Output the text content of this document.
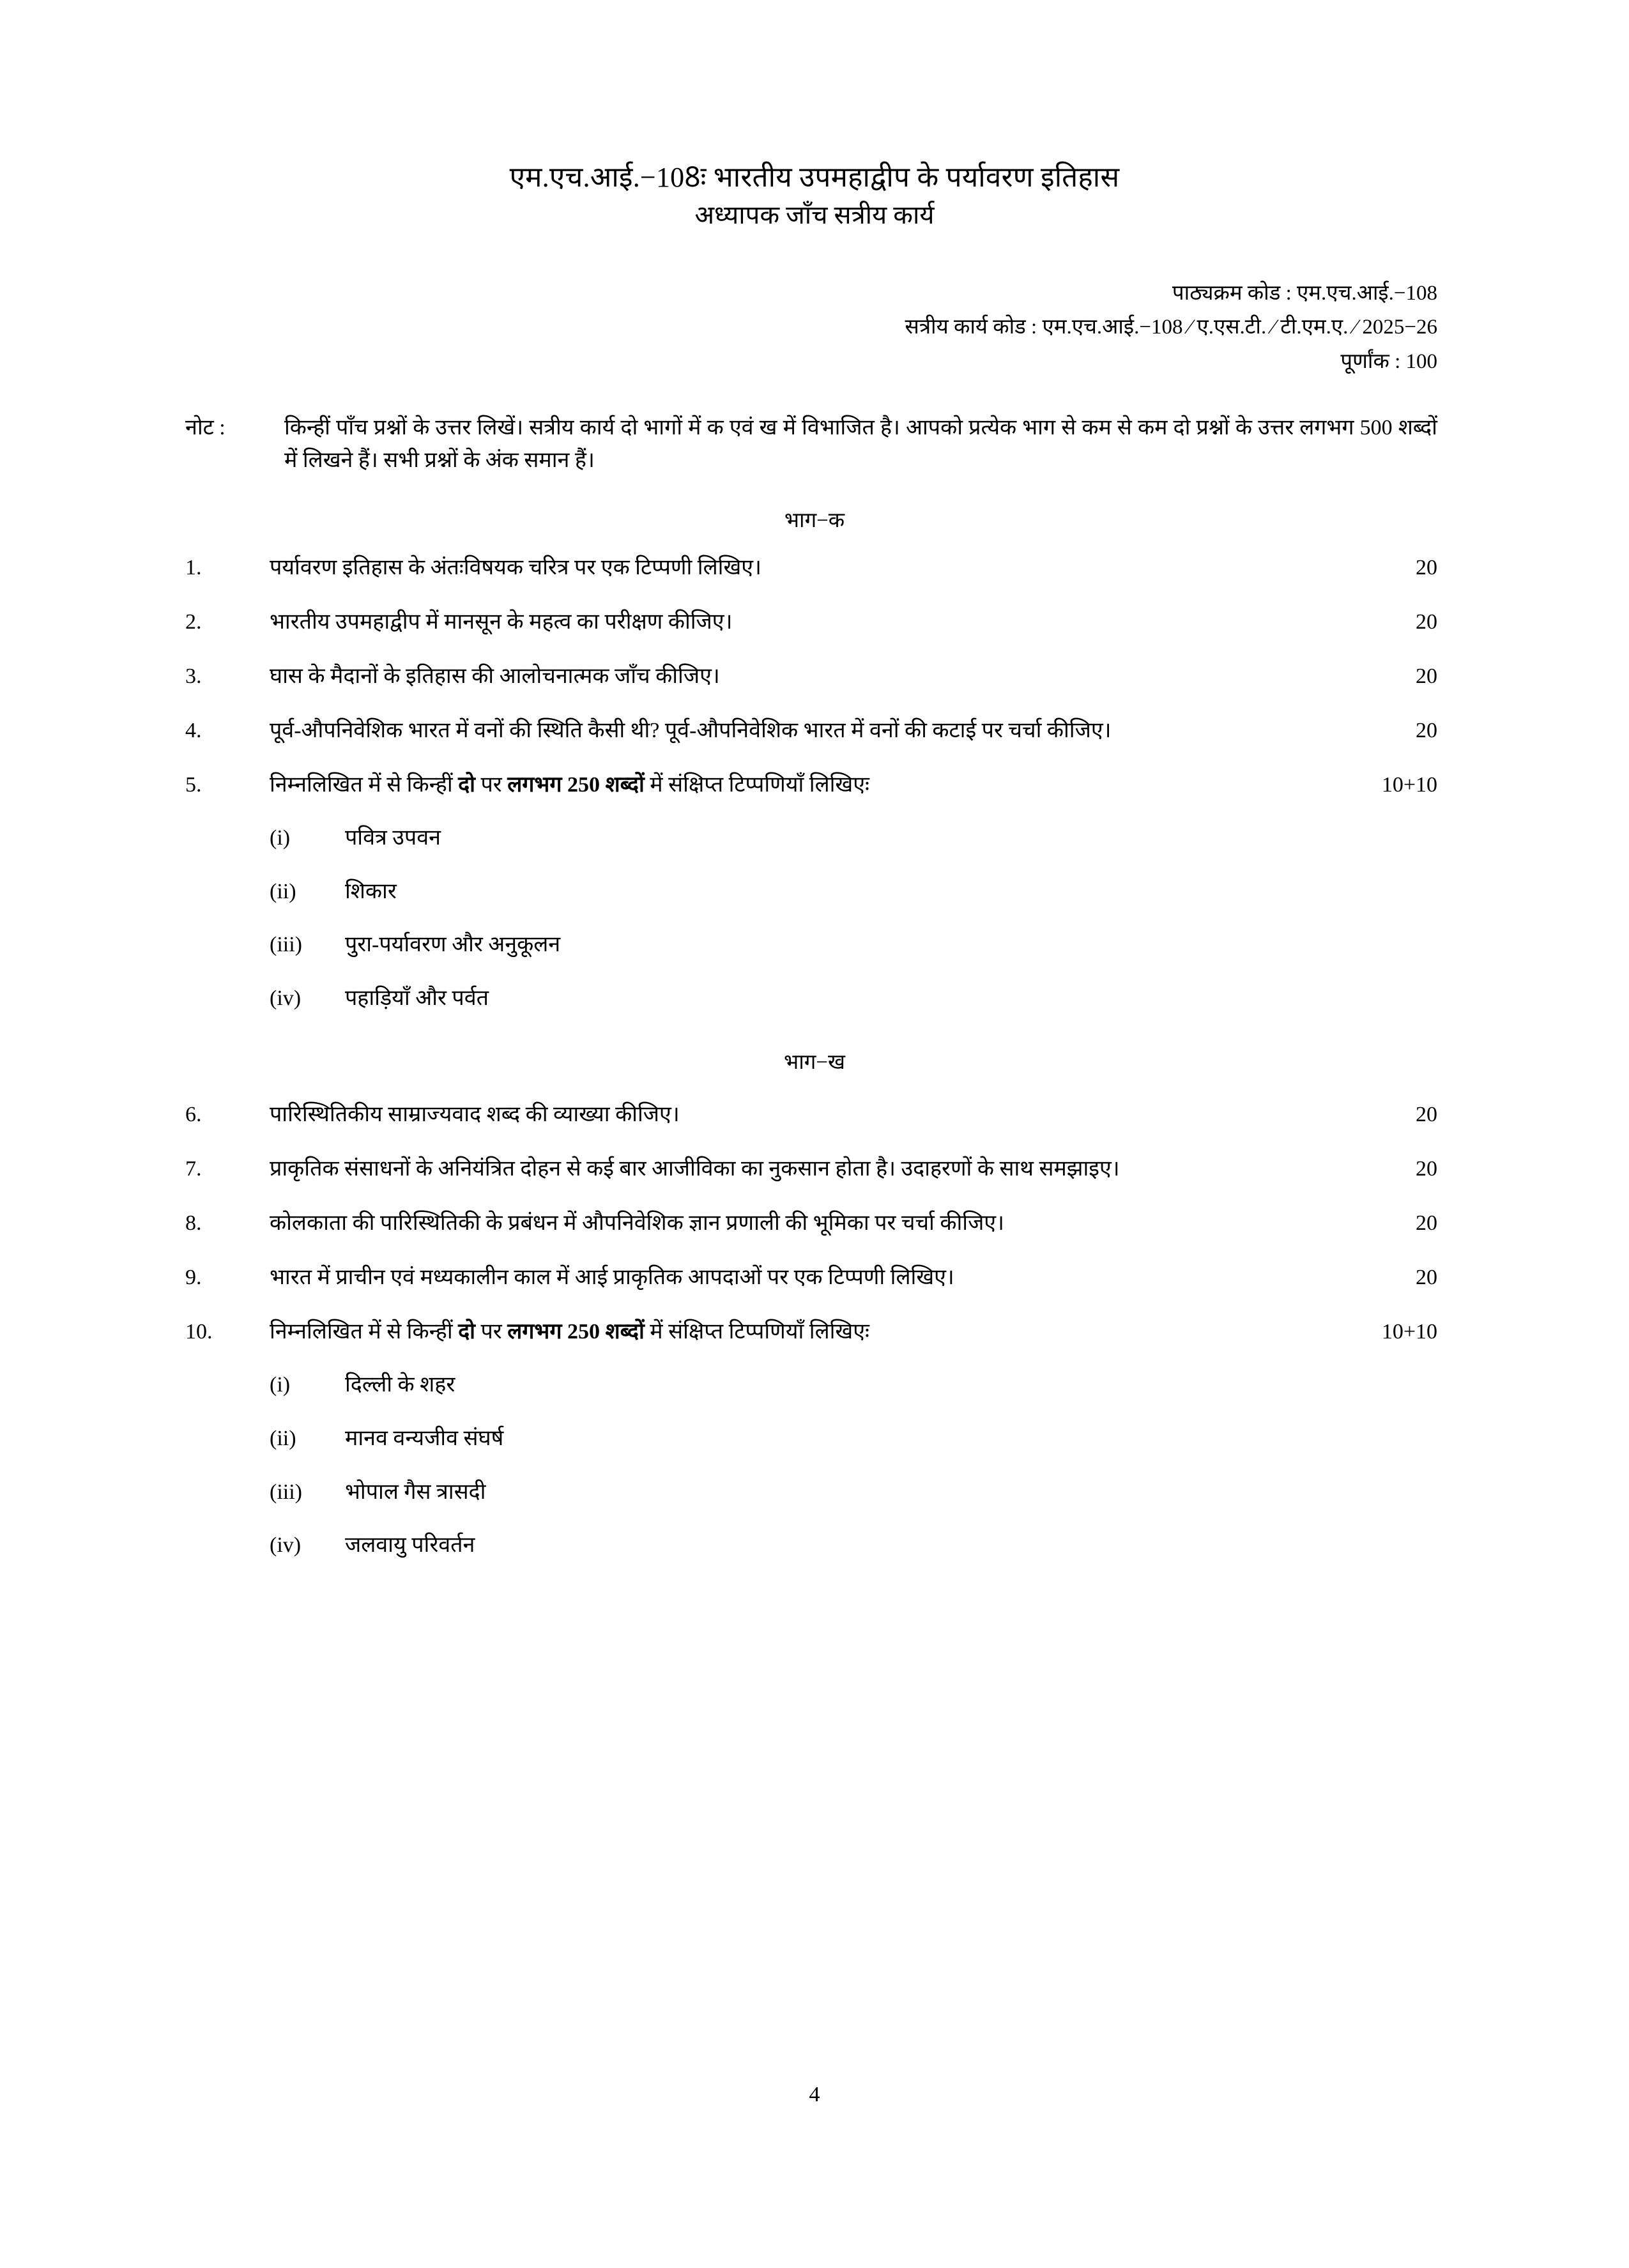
एम.एच.आई.−108ः भारतीय उपमहाद्वीप के पर्यावरण इतिहास
अध्यापक जाँच सत्रीय कार्य
पाठ्यक्रम कोड : एम.एच.आई.−108
सत्रीय कार्य कोड : एम.एच.आई.−108 ⁄ ए.एस.टी. ⁄ टी.एम.ए. ⁄ 2025−26
पूर्णांक : 100
नोट :	किन्हीं पाँच प्रश्नों के उत्तर लिखें। सत्रीय कार्य दो भागों में क एवं ख में विभाजित है। आपको प्रत्येक भाग से कम से कम दो प्रश्नों के उत्तर लगभग 500 शब्दों में लिखने हैं। सभी प्रश्नों के अंक समान हैं।
भाग−क
1.	पर्यावरण इतिहास के अंतःविषयक चरित्र पर एक टिप्पणी लिखिए।	20
2.	भारतीय उपमहाद्वीप में मानसून के महत्व का परीक्षण कीजिए।	20
3.	घास के मैदानों के इतिहास की आलोचनात्मक जाँच कीजिए।	20
4.	पूर्व-औपनिवेशिक भारत में वनों की स्थिति कैसी थी? पूर्व-औपनिवेशिक भारत में वनों की कटाई पर चर्चा कीजिए।	20
5.	निम्नलिखित में से किन्हीं दो पर लगभग 250 शब्दों में संक्षिप्त टिप्पणियाँ लिखिएः	10+10
(i)	पवित्र उपवन
(ii)	शिकार
(iii)	पुरा-पर्यावरण और अनुकूलन
(iv)	पहाड़ियाँ और पर्वत
भाग−ख
6.	पारिस्थितिकीय साम्राज्यवाद शब्द की व्याख्या कीजिए।	20
7.	प्राकृतिक संसाधनों के अनियंत्रित दोहन से कई बार आजीविका का नुकसान होता है। उदाहरणों के साथ समझाइए।	20
8.	कोलकाता की पारिस्थितिकी के प्रबंधन में औपनिवेशिक ज्ञान प्रणाली की भूमिका पर चर्चा कीजिए।	20
9.	भारत में प्राचीन एवं मध्यकालीन काल में आई प्राकृतिक आपदाओं पर एक टिप्पणी लिखिए।	20
10.	निम्नलिखित में से किन्हीं दो पर लगभग 250 शब्दों में संक्षिप्त टिप्पणियाँ लिखिएः	10+10
(i)	दिल्ली के शहर
(ii)	मानव वन्यजीव संघर्ष
(iii)	भोपाल गैस त्रासदी
(iv)	जलवायु परिवर्तन
4
